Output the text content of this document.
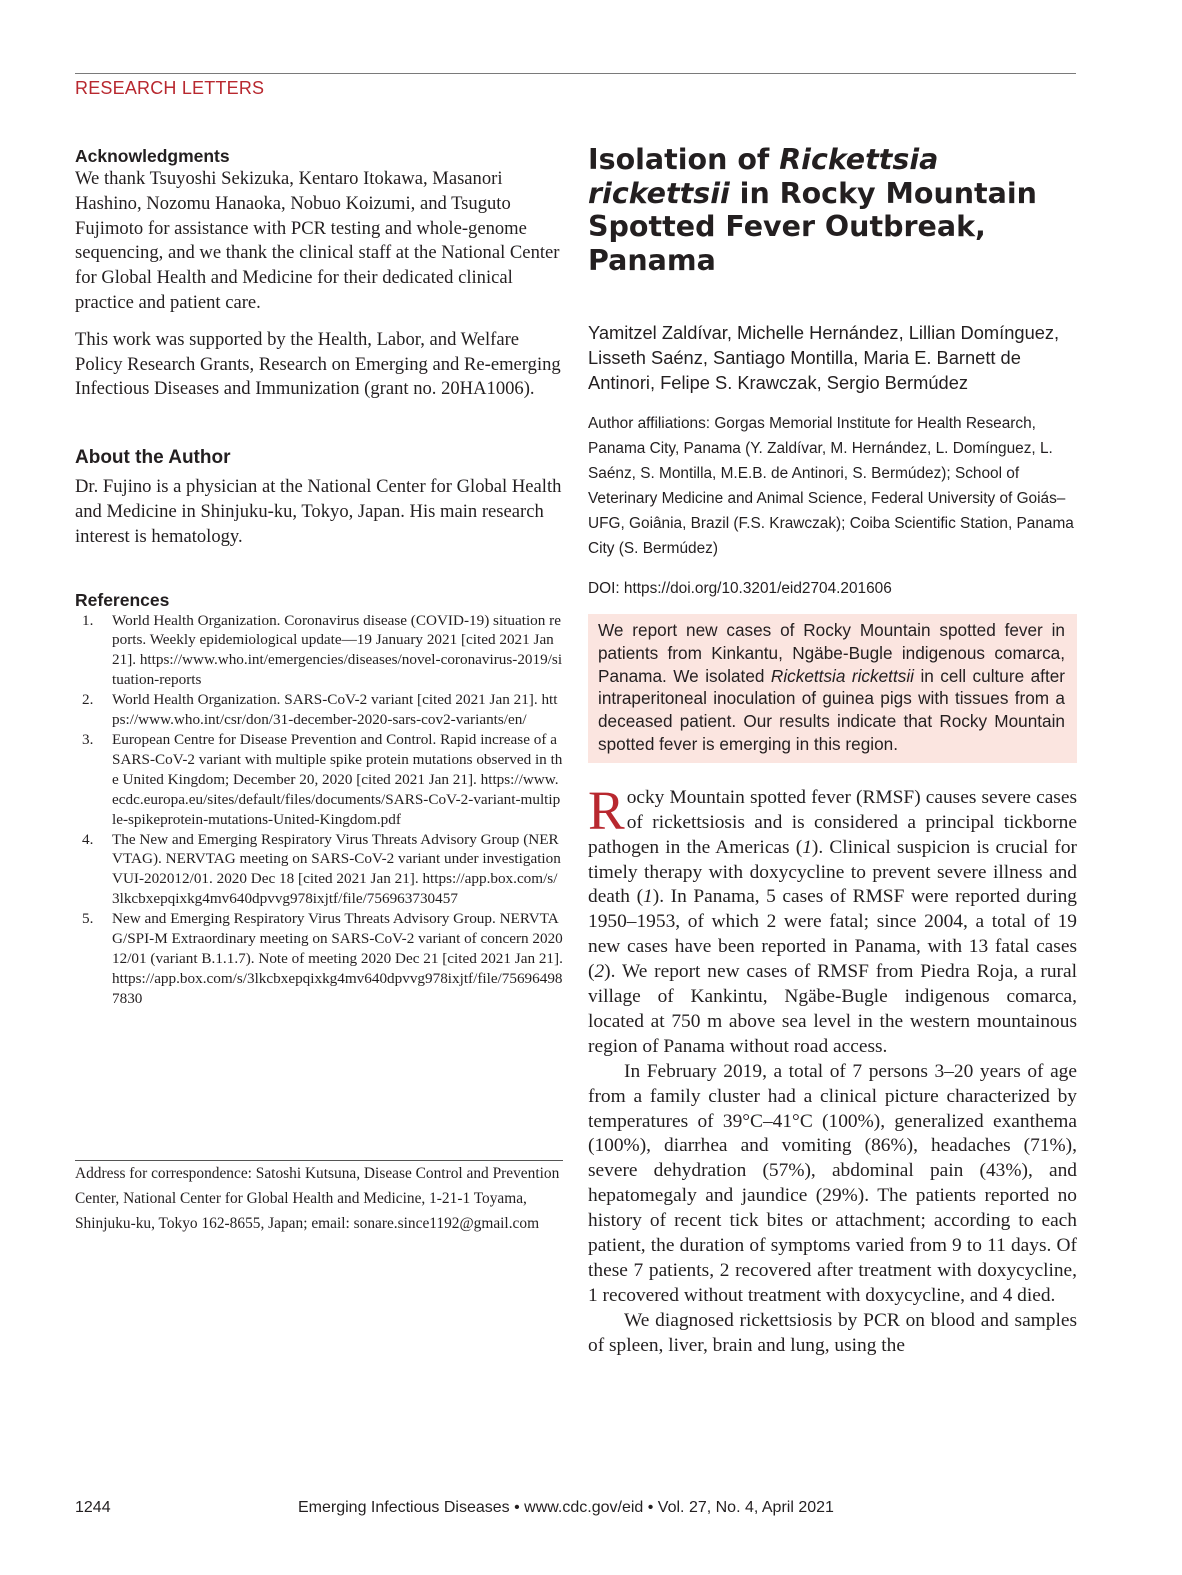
RESEARCH LETTERS
Acknowledgments

We thank Tsuyoshi Sekizuka, Kentaro Itokawa, Masanori Hashino, Nozomu Hanaoka, Nobuo Koizumi, and Tsuguto Fujimoto for assistance with PCR testing and whole-genome sequencing, and we thank the clinical staff at the National Center for Global Health and Medicine for their dedicated clinical practice and patient care.

This work was supported by the Health, Labor, and Welfare Policy Research Grants, Research on Emerging and Re-emerging Infectious Diseases and Immunization (grant no. 20HA1006).

About the Author

Dr. Fujino is a physician at the National Center for Global Health and Medicine in Shinjuku-ku, Tokyo, Japan. His main research interest is hematology.

References
1. World Health Organization. Coronavirus disease (COVID-19) situation reports. Weekly epidemiological update—19 January 2021 [cited 2021 Jan 21]. https://www.who.int/emergencies/diseases/novel-coronavirus-2019/situation-reports
2. World Health Organization. SARS-CoV-2 variant [cited 2021 Jan 21]. https://www.who.int/csr/don/31-december-2020-sars-cov2-variants/en/
3. European Centre for Disease Prevention and Control. Rapid increase of a SARS-CoV-2 variant with multiple spike protein mutations observed in the United Kingdom; December 20, 2020 [cited 2021 Jan 21]. https://www.ecdc.europa.eu/sites/default/files/documents/SARS-CoV-2-variant-multiple-spikeprotein-mutations-United-Kingdom.pdf
4. The New and Emerging Respiratory Virus Threats Advisory Group (NERVTAG). NERVTAG meeting on SARS-CoV-2 variant under investigation VUI-202012/01. 2020 Dec 18 [cited 2021 Jan 21]. https://app.box.com/s/3lkcbxepqixkg4mv640dpvvg978ixjtf/file/756963730457
5. New and Emerging Respiratory Virus Threats Advisory Group. NERVTAG/SPI-M Extraordinary meeting on SARS-CoV-2 variant of concern 202012/01 (variant B.1.1.7). Note of meeting 2020 Dec 21 [cited 2021 Jan 21]. https://app.box.com/s/3lkcbxepqixkg4mv640dpvvg978ixjtf/file/756964987830
Address for correspondence: Satoshi Kutsuna, Disease Control and Prevention Center, National Center for Global Health and Medicine, 1-21-1 Toyama, Shinjuku-ku, Tokyo 162-8655, Japan; email: sonare.since1192@gmail.com
Isolation of Rickettsia rickettsii in Rocky Mountain Spotted Fever Outbreak, Panama
Yamitzel Zaldívar, Michelle Hernández, Lillian Domínguez, Lisseth Saénz, Santiago Montilla, Maria E. Barnett de Antinori, Felipe S. Krawczak, Sergio Bermúdez
Author affiliations: Gorgas Memorial Institute for Health Research, Panama City, Panama (Y. Zaldívar, M. Hernández, L. Domínguez, L. Saénz, S. Montilla, M.E.B. de Antinori, S. Bermúdez); School of Veterinary Medicine and Animal Science, Federal University of Goiás–UFG, Goiânia, Brazil (F.S. Krawczak); Coiba Scientific Station, Panama City (S. Bermúdez)
DOI: https://doi.org/10.3201/eid2704.201606
We report new cases of Rocky Mountain spotted fever in patients from Kinkantu, Ngäbe-Bugle indigenous comarca, Panama. We isolated Rickettsia rickettsii in cell culture after intraperitoneal inoculation of guinea pigs with tissues from a deceased patient. Our results indicate that Rocky Mountain spotted fever is emerging in this region.

Rocky Mountain spotted fever (RMSF) causes severe cases of rickettsiosis and is considered a principal tickborne pathogen in the Americas (1). Clinical suspicion is crucial for timely therapy with doxycycline to prevent severe illness and death (1). In Panama, 5 cases of RMSF were reported during 1950–1953, of which 2 were fatal; since 2004, a total of 19 new cases have been reported in Panama, with 13 fatal cases (2). We report new cases of RMSF from Piedra Roja, a rural village of Kankintu, Ngäbe-Bugle indigenous comarca, located at 750 m above sea level in the western mountainous region of Panama without road access.

In February 2019, a total of 7 persons 3–20 years of age from a family cluster had a clinical picture characterized by temperatures of 39°C–41°C (100%), generalized exanthema (100%), diarrhea and vomiting (86%), headaches (71%), severe dehydration (57%), abdominal pain (43%), and hepatomegaly and jaundice (29%). The patients reported no history of recent tick bites or attachment; according to each patient, the duration of symptoms varied from 9 to 11 days. Of these 7 patients, 2 recovered after treatment with doxycycline, 1 recovered without treatment with doxycycline, and 4 died.

We diagnosed rickettsiosis by PCR on blood and samples of spleen, liver, brain and lung, using the

1244	Emerging Infectious Diseases • www.cdc.gov/eid • Vol. 27, No. 4, April 2021
